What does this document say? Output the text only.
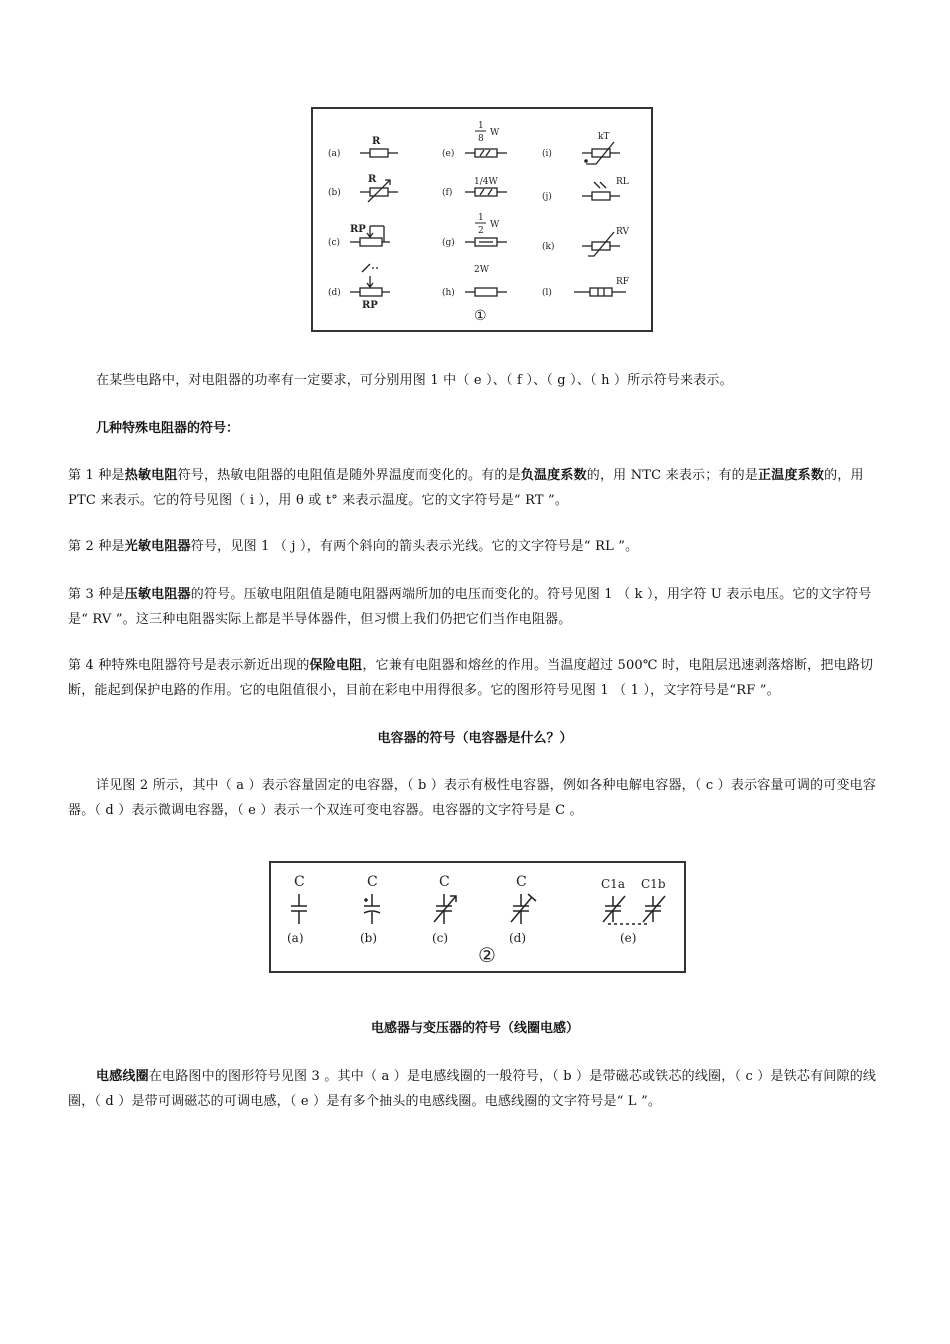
(a)
(b)
(c)
(d)
(e)
(f)
(g)
(h)
(i)
(j)
(k)
(l)
R
R
RP
RP
1
8
W
1/4W
1
2
W
2W
kT
RL
RV
RF
①

在某些电路中，对电阻器的功率有一定要求，可分别用图 1 中（ e ）、（ f ）、（ g ）、（ h ）所示符号来表示。

几种特殊电阻器的符号：

第 1 种是热敏电阻符号，热敏电阻器的电阻值是随外界温度而变化的。有的是负温度系数的，用 NTC 来表示；有的是正温度系数的，用 PTC 来表示。它的符号见图（ i ），用 θ 或 t° 来表示温度。它的文字符号是“ RT ”。

第 2 种是光敏电阻器符号，见图 1 （ j ），有两个斜向的箭头表示光线。它的文字符号是“ RL ”。

第 3 种是压敏电阻器的符号。压敏电阻阻值是随电阻器两端所加的电压而变化的。符号见图 1 （ k ），用字符 U 表示电压。它的文字符号是“ RV ”。这三种电阻器实际上都是半导体器件，但习惯上我们仍把它们当作电阻器。

第 4 种特殊电阻器符号是表示新近出现的保险电阻，它兼有电阻器和熔丝的作用。当温度超过 500℃ 时，电阻层迅速剥落熔断，把电路切断，能起到保护电路的作用。它的电阻值很小，目前在彩电中用得很多。它的图形符号见图 1 （ 1 ），文字符号是“RF ”。

电容器的符号（电容器是什么？）

详见图 2 所示，其中（ a ）表示容量固定的电容器，（ b ）表示有极性电容器，例如各种电解电容器，（ c ）表示容量可调的可变电容器。（ d ）表示微调电容器，（ e ）表示一个双连可变电容器。电容器的文字符号是 C 。

C	C	C	C	C1a C1b
(a)	(b)	(c)	(d)	(e)
②

电感器与变压器的符号（线圈电感）

电感线圈在电路图中的图形符号见图 3 。其中（ a ）是电感线圈的一般符号，（ b ）是带磁芯或铁芯的线圈，（ c ）是铁芯有间隙的线圈，（ d ）是带可调磁芯的可调电感，（ e ）是有多个抽头的电感线圈。电感线圈的文字符号是“ L ”。
